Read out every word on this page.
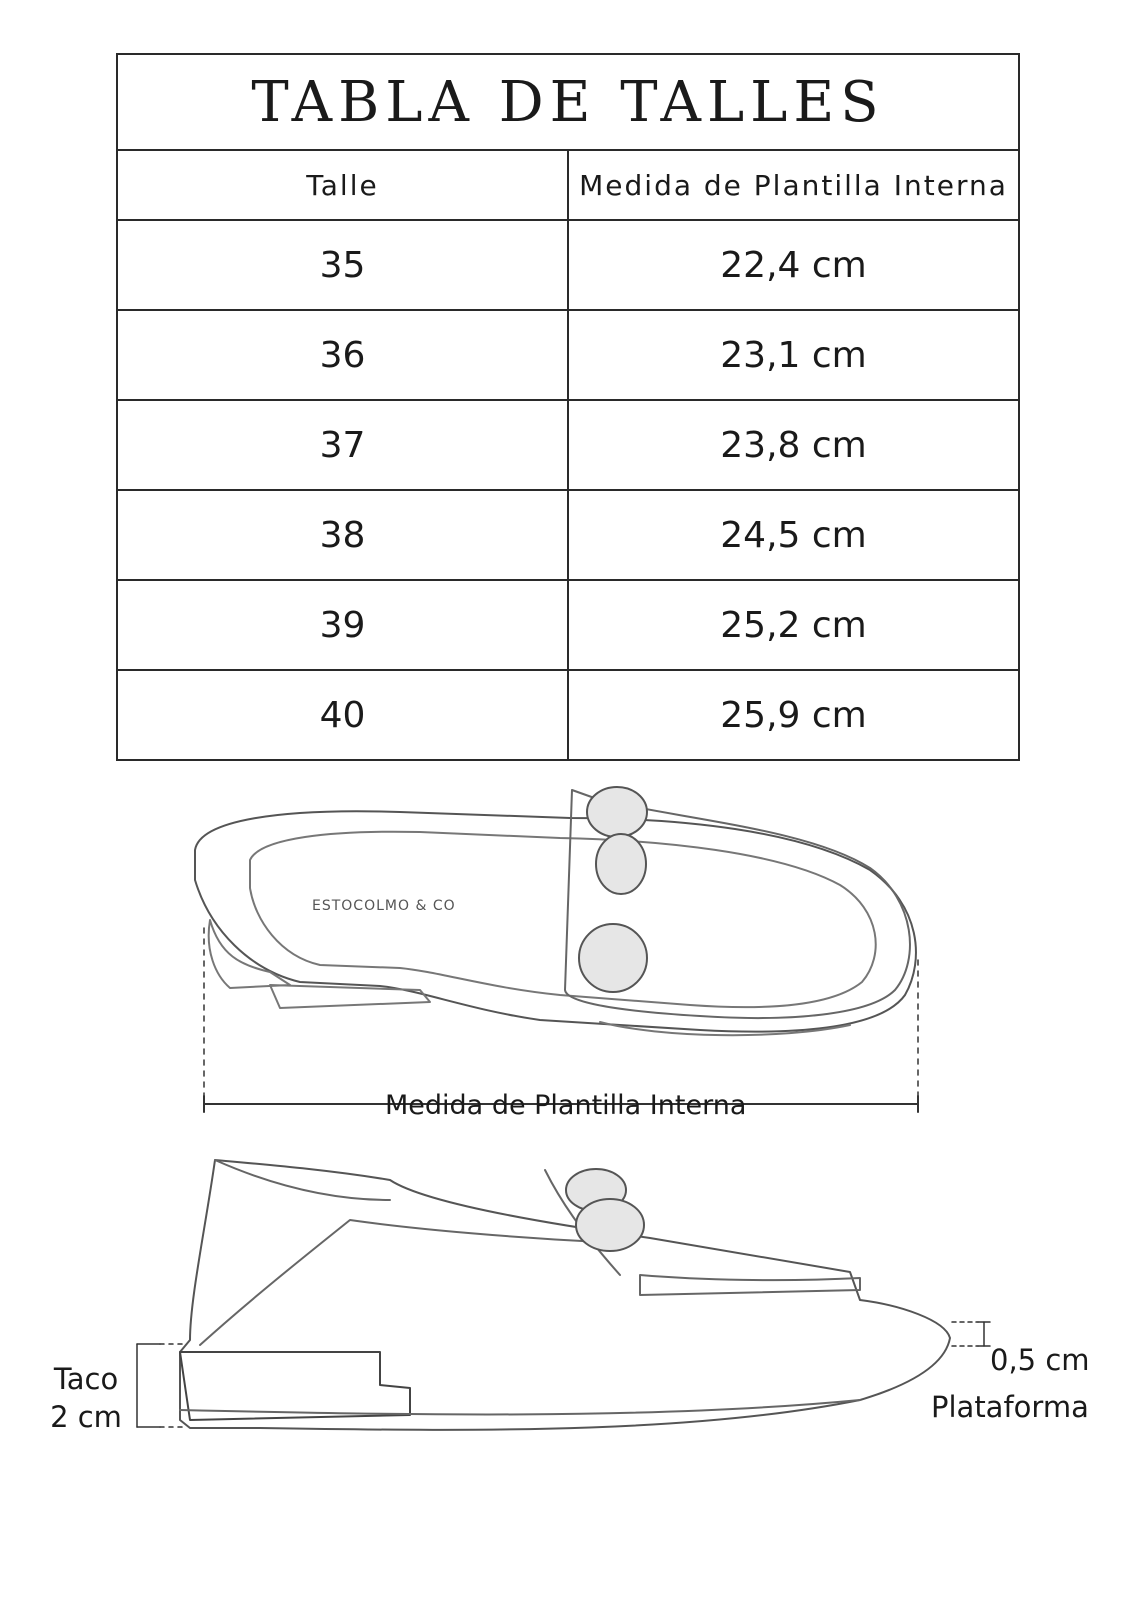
TABLA DE TALLES	
Talle	Medida de Plantilla Interna
35	22,4 cm
36	23,1 cm
37	23,8 cm
38	24,5 cm
39	25,2 cm
40	25,9 cm
ESTOCOLMO & CO
Medida de Plantilla Interna
Taco
2 cm
0,5 cm
Plataforma
